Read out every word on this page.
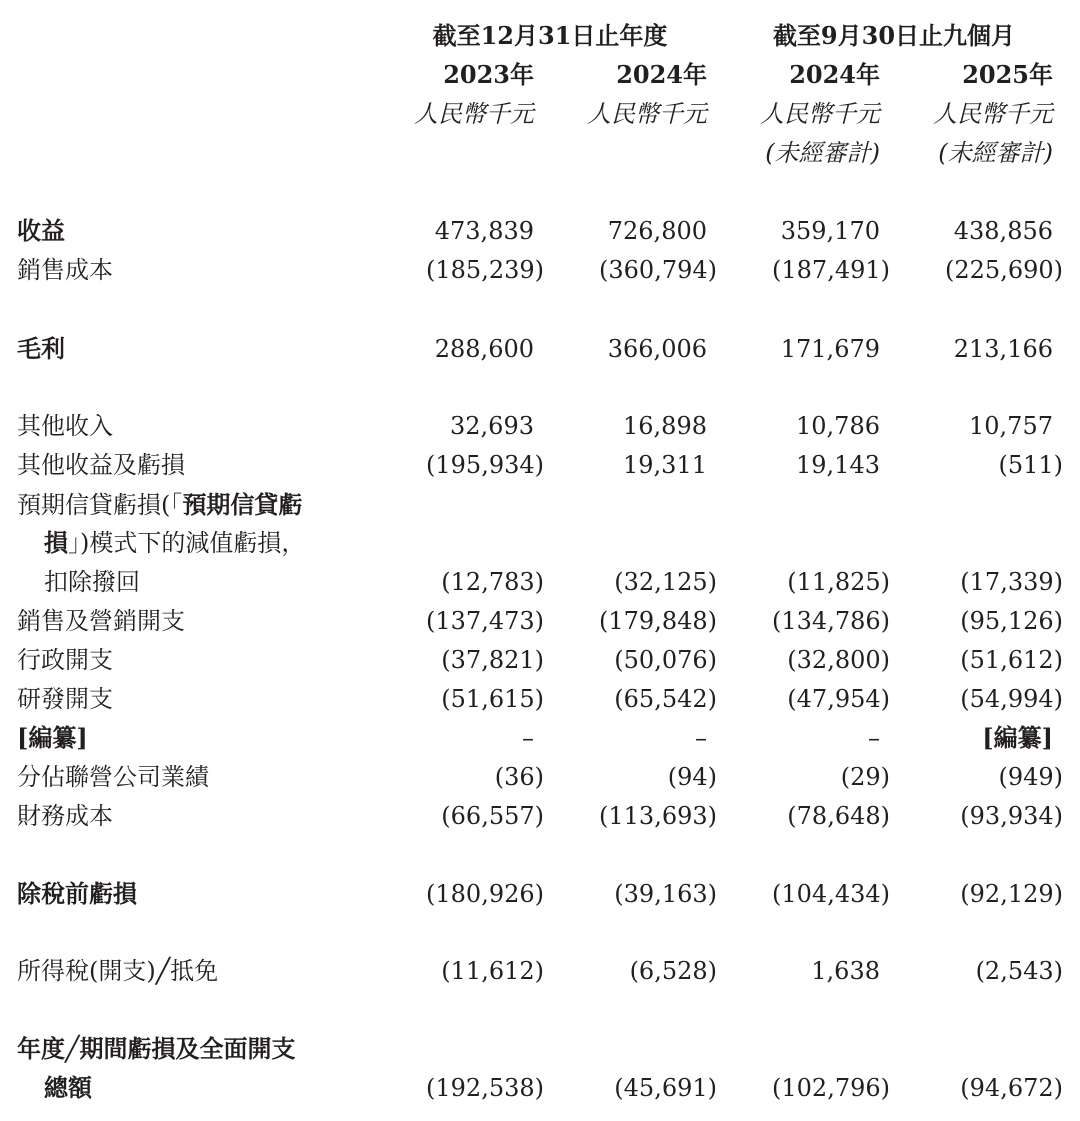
截至12月31日止年度	截至9月30日止九個月
2023年	2024年	2024年	2025年
人民幣千元 人民幣千元 人民幣千元 人民幣千元
(未經審計) (未經審計)
收益	473,839	726,800	359,170	438,856
銷售成本	(185,239) (360,794) (187,491) (225,690)
毛利	288,600	366,006	171,679	213,166
其他收入	32,693	16,898	10,786	10,757
其他收益及虧損	(195,934)	19,311	19,143	(511)
預期信貸虧損(「預期信貸虧
損」)模式下的減值虧損，
扣除撥回	(12,783)	(32,125)	(11,825)	(17,339)
銷售及營銷開支	(137,473) (179,848) (134,786)	(95,126)
行政開支	(37,821)	(50,076)	(32,800)	(51,612)
研發開支	(51,615)	(65,542)	(47,954)	(54,994)
[編纂]	–	–	–	[編纂]
分佔聯營公司業績	(36)	(94)	(29)	(949)
財務成本	(66,557) (113,693)	(78,648)	(93,934)
除稅前虧損	(180,926)	(39,163) (104,434)	(92,129)
所得稅(開支)╱抵免	(11,612)	(6,528)	1,638	(2,543)
年度╱期間虧損及全面開支
總額	(192,538)	(45,691) (102,796)	(94,672)
